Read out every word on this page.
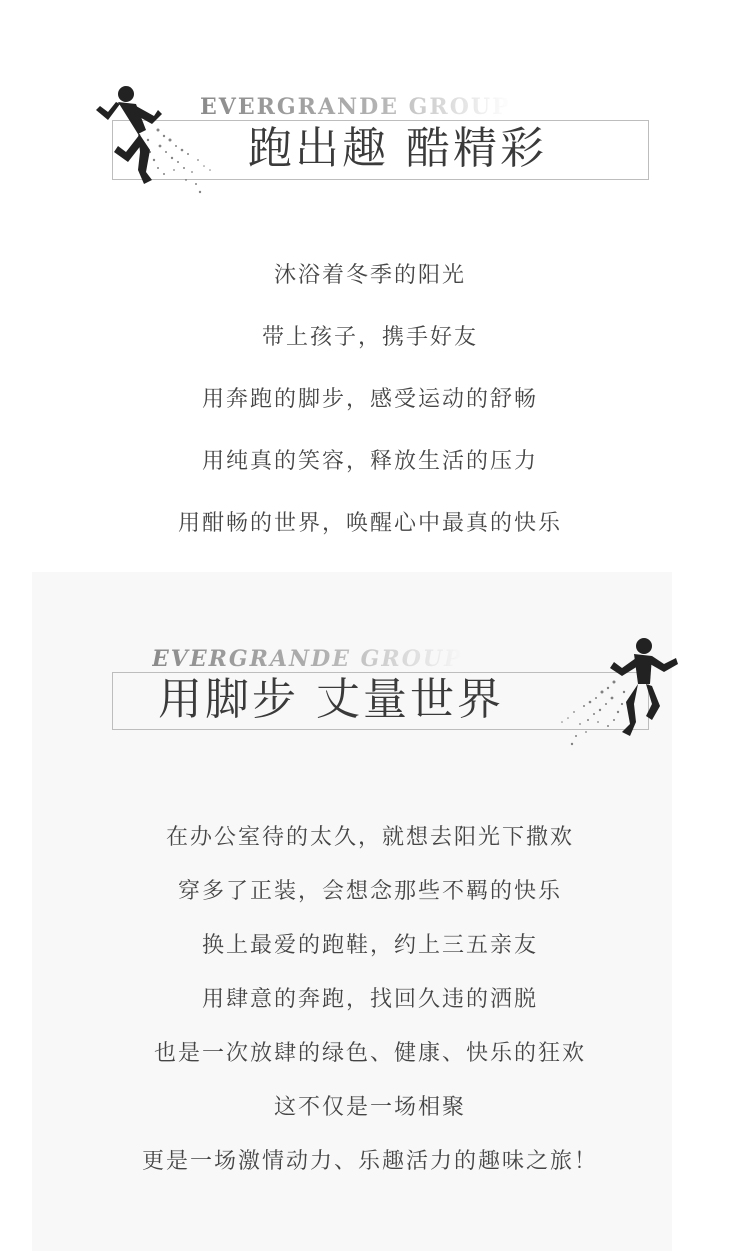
EVERGRANDE GROUP
跑出趣 酷精彩
沐浴着冬季的阳光
带上孩子，携手好友
用奔跑的脚步，感受运动的舒畅
用纯真的笑容，释放生活的压力
用酣畅的世界，唤醒心中最真的快乐
EVERGRANDE GROUP
用脚步 丈量世界
在办公室待的太久，就想去阳光下撒欢
穿多了正装，会想念那些不羁的快乐
换上最爱的跑鞋，约上三五亲友
用肆意的奔跑，找回久违的洒脱
也是一次放肆的绿色、健康、快乐的狂欢
这不仅是一场相聚
更是一场激情动力、乐趣活力的趣味之旅！
